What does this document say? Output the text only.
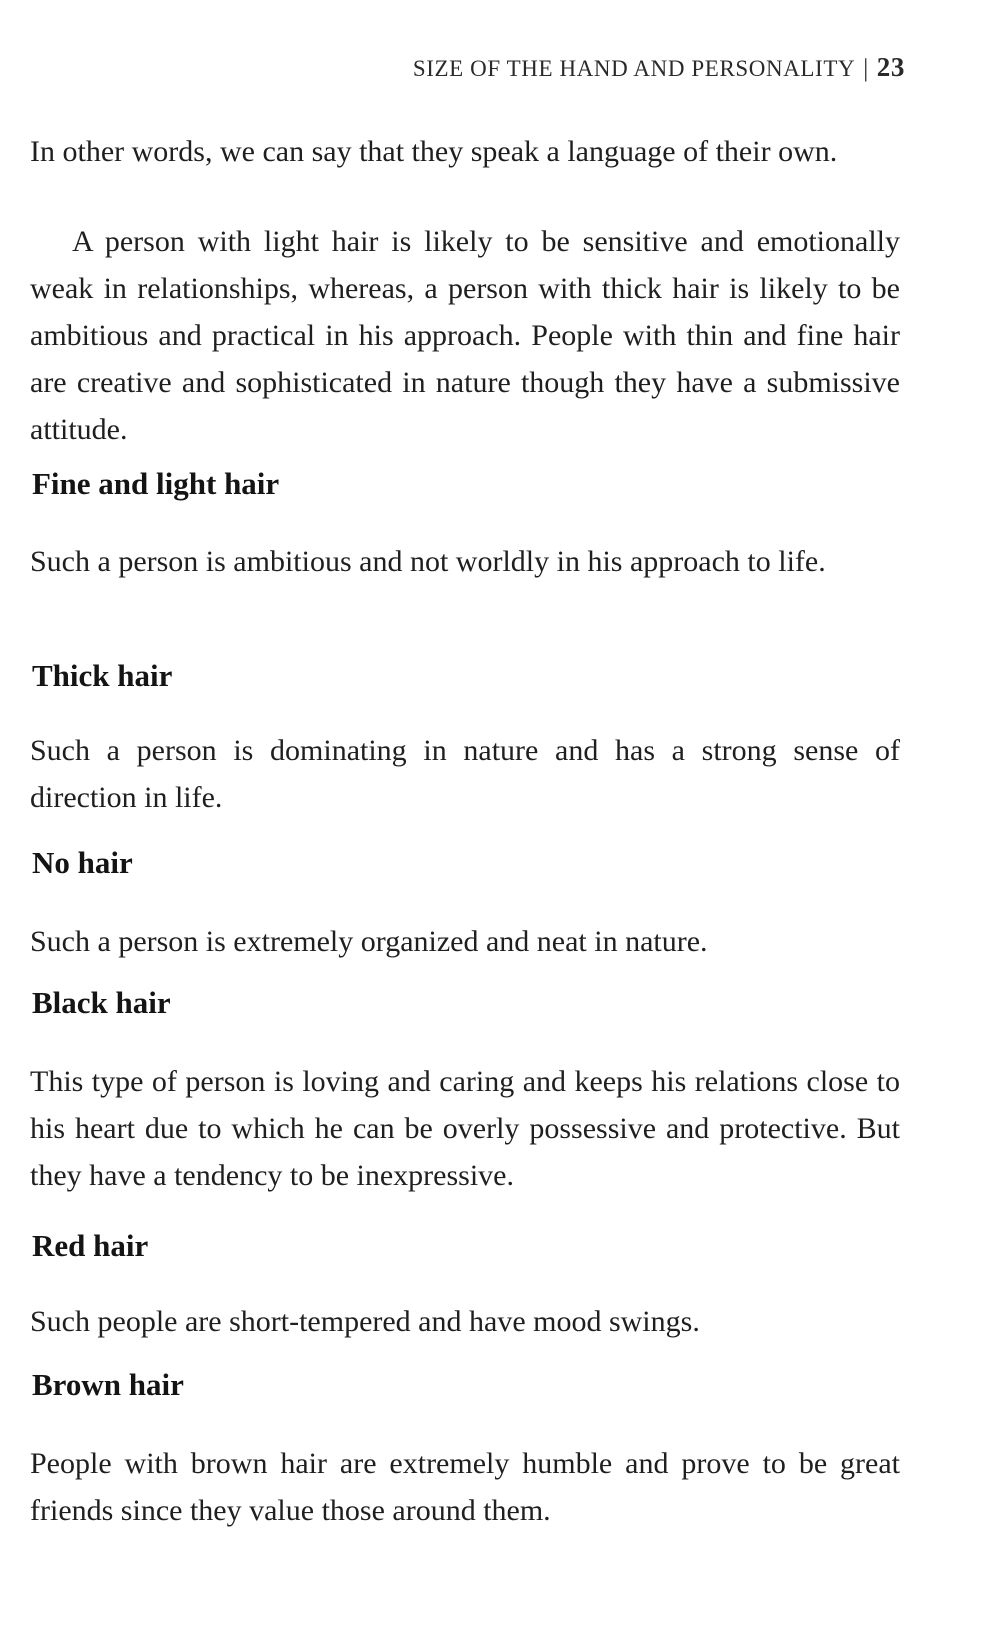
SIZE OF THE HAND AND PERSONALITY | 23

In other words, we can say that they speak a language of their own.

A person with light hair is likely to be sensitive and emotionally weak in relationships, whereas, a person with thick hair is likely to be ambitious and practical in his approach. People with thin and fine hair are creative and sophisticated in nature though they have a submissive attitude.

Fine and light hair

Such a person is ambitious and not worldly in his approach to life.

Thick hair

Such a person is dominating in nature and has a strong sense of direction in life.

No hair

Such a person is extremely organized and neat in nature.

Black hair

This type of person is loving and caring and keeps his relations close to his heart due to which he can be overly possessive and protective. But they have a tendency to be inexpressive.

Red hair

Such people are short-tempered and have mood swings.

Brown hair

People with brown hair are extremely humble and prove to be great friends since they value those around them.
